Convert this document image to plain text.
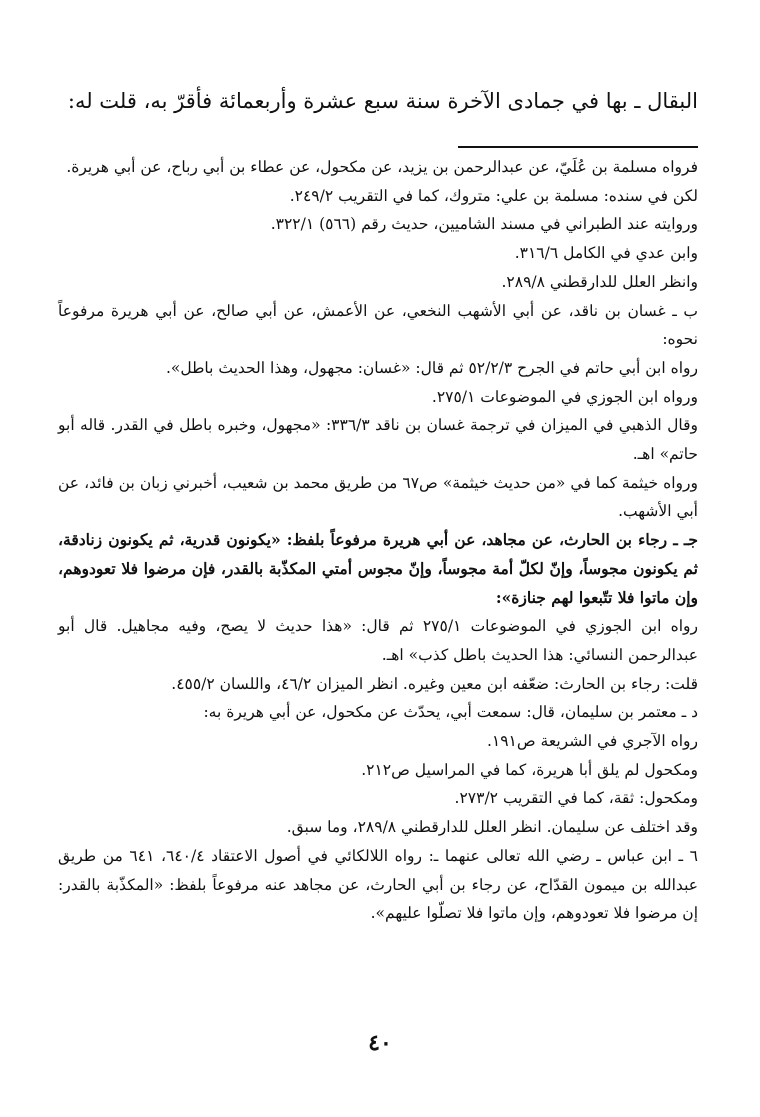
البقال ـ بها في جمادى الآخرة سنة سبع عشرة وأربعمائة فأقرّ به، قلت له:

فرواه مسلمة بن عُلَيّ، عن عبدالرحمن بن يزيد، عن مكحول، عن عطاء بن أبي رباح، عن أبي هريرة.

لكن في سنده: مسلمة بن علي: متروك، كما في التقريب ٢٤٩/٢.

وروايته عند الطبراني في مسند الشاميين، حديث رقم (٥٦٦) ٣٢٢/١.

وابن عدي في الكامل ٣١٦/٦.

وانظر العلل للدارقطني ٢٨٩/٨.

ب ـ غسان بن ناقد، عن أبي الأشهب النخعي، عن الأعمش، عن أبي صالح، عن أبي هريرة مرفوعاً نحوه:

رواه ابن أبي حاتم في الجرح ٥٢/٢/٣ ثم قال: «غسان: مجهول، وهذا الحديث باطل».

ورواه ابن الجوزي في الموضوعات ٢٧٥/١.

وقال الذهبي في الميزان في ترجمة غسان بن ناقد ٣٣٦/٣: «مجهول، وخبره باطل في القدر. قاله أبو حاتم» اهـ.

ورواه خيثمة كما في «من حديث خيثمة» ص٦٧ من طريق محمد بن شعيب، أخبرني زبان بن فائد، عن أبي الأشهب.

جـ ـ رجاء بن الحارث، عن مجاهد، عن أبي هريرة مرفوعاً بلفظ: «يكونون قدرية، ثم يكونون زنادقة، ثم يكونون مجوساً، وإنّ لكلّ أمة مجوساً، وإنّ مجوس أمتي المكذّبة بالقدر، فإن مرضوا فلا تعودوهم، وإن ماتوا فلا تتّبعوا لهم جنازة»:

رواه ابن الجوزي في الموضوعات ٢٧٥/١ ثم قال: «هذا حديث لا يصح، وفيه مجاهيل. قال أبو عبدالرحمن النسائي: هذا الحديث باطل كذب» اهـ.

قلت: رجاء بن الحارث: ضعّفه ابن معين وغيره. انظر الميزان ٤٦/٢، واللسان ٤٥٥/٢.

د ـ معتمر بن سليمان، قال: سمعت أبي، يحدّث عن مكحول، عن أبي هريرة به:

رواه الآجري في الشريعة ص١٩١.

ومكحول لم يلق أبا هريرة، كما في المراسيل ص٢١٢.

ومكحول: ثقة، كما في التقريب ٢٧٣/٢.

وقد اختلف عن سليمان. انظر العلل للدارقطني ٢٨٩/٨، وما سبق.

٦ ـ ابن عباس ـ رضي الله تعالى عنهما ـ: رواه اللالكائي في أصول الاعتقاد ٦٤٠/٤، ٦٤١ من طريق عبدالله بن ميمون القدّاح، عن رجاء بن أبي الحارث، عن مجاهد عنه مرفوعاً بلفظ: «المكذّبة بالقدر: إن مرضوا فلا تعودوهم، وإن ماتوا فلا تصلّوا عليهم».

٤٠
